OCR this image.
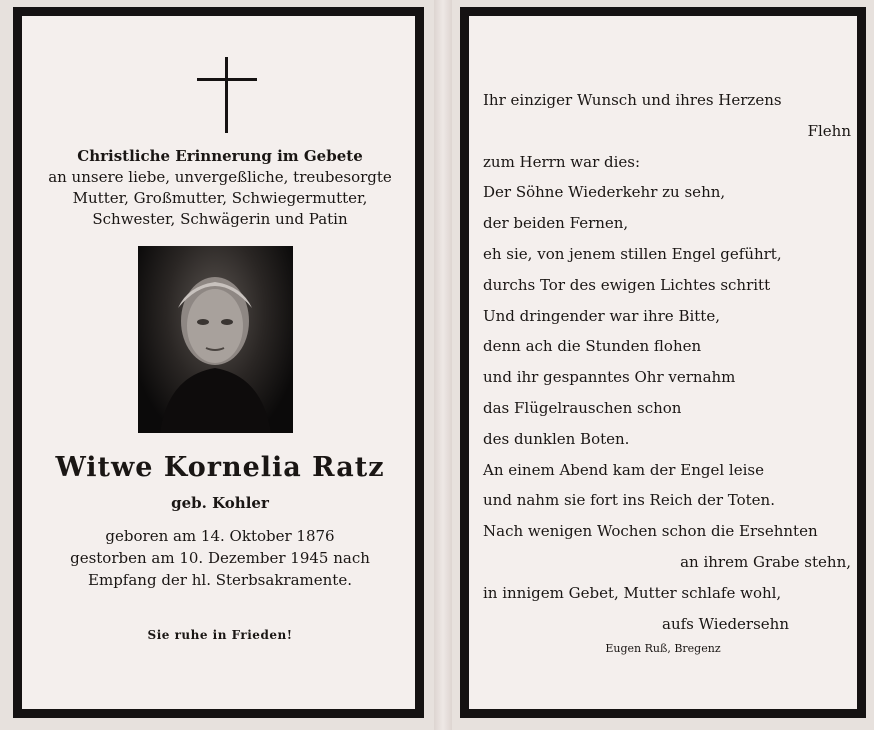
Christliche Erinnerung im Gebete
an unsere liebe, unvergeßliche, treubesorgte
Mutter, Großmutter, Schwiegermutter,
Schwester, Schwägerin und Patin
Witwe Kornelia Ratz
geb. Kohler
geboren am 14. Oktober 1876
gestorben am 10. Dezember 1945 nach
Empfang der hl. Sterbsakramente.
Sie ruhe in Frieden!
Ihr einziger Wunsch und ihres Herzens
Flehn
zum Herrn war dies:
Der Söhne Wiederkehr zu sehn,
der beiden Fernen,
eh sie, von jenem stillen Engel geführt,
durchs Tor des ewigen Lichtes schritt
Und dringender war ihre Bitte,
denn ach die Stunden flohen
und ihr gespanntes Ohr vernahm
das Flügelrauschen schon
des dunklen Boten.
An einem Abend kam der Engel leise
und nahm sie fort ins Reich der Toten.
Nach wenigen Wochen schon die Ersehnten
an ihrem Grabe stehn,
in innigem Gebet, Mutter schlafe wohl,
aufs Wiedersehn
Eugen Ruß, Bregenz
